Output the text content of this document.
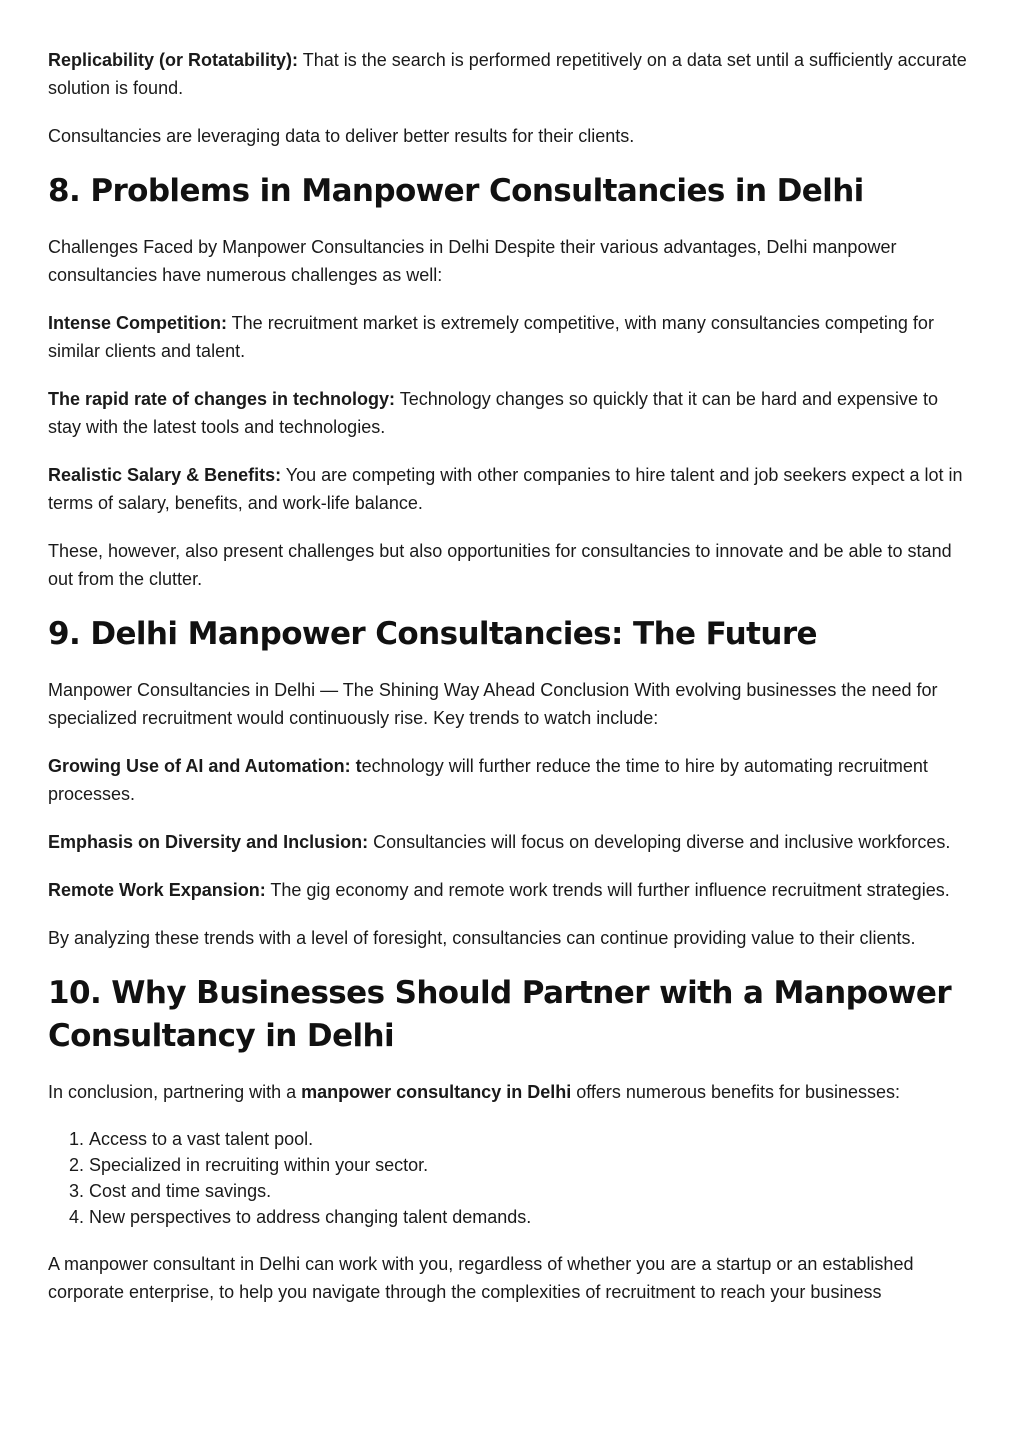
Replicability (or Rotatability): That is the search is performed repetitively on a data set until a sufficiently accurate solution is found.

Consultancies are leveraging data to deliver better results for their clients.

8. Problems in Manpower Consultancies in Delhi

Challenges Faced by Manpower Consultancies in Delhi Despite their various advantages, Delhi manpower consultancies have numerous challenges as well:

Intense Competition: The recruitment market is extremely competitive, with many consultancies competing for similar clients and talent.

The rapid rate of changes in technology: Technology changes so quickly that it can be hard and expensive to stay with the latest tools and technologies.

Realistic Salary & Benefits: You are competing with other companies to hire talent and job seekers expect a lot in terms of salary, benefits, and work-life balance.

These, however, also present challenges but also opportunities for consultancies to innovate and be able to stand out from the clutter.

9. Delhi Manpower Consultancies: The Future

Manpower Consultancies in Delhi — The Shining Way Ahead Conclusion With evolving businesses the need for specialized recruitment would continuously rise. Key trends to watch include:

Growing Use of AI and Automation: technology will further reduce the time to hire by automating recruitment processes.

Emphasis on Diversity and Inclusion: Consultancies will focus on developing diverse and inclusive workforces.

Remote Work Expansion: The gig economy and remote work trends will further influence recruitment strategies.

By analyzing these trends with a level of foresight, consultancies can continue providing value to their clients.

10. Why Businesses Should Partner with a Manpower Consultancy in Delhi

In conclusion, partnering with a manpower consultancy in Delhi offers numerous benefits for businesses:

1. Access to a vast talent pool.
2. Specialized in recruiting within your sector.
3. Cost and time savings.
4. New perspectives to address changing talent demands.

A manpower consultant in Delhi can work with you, regardless of whether you are a startup or an established corporate enterprise, to help you navigate through the complexities of recruitment to reach your business
